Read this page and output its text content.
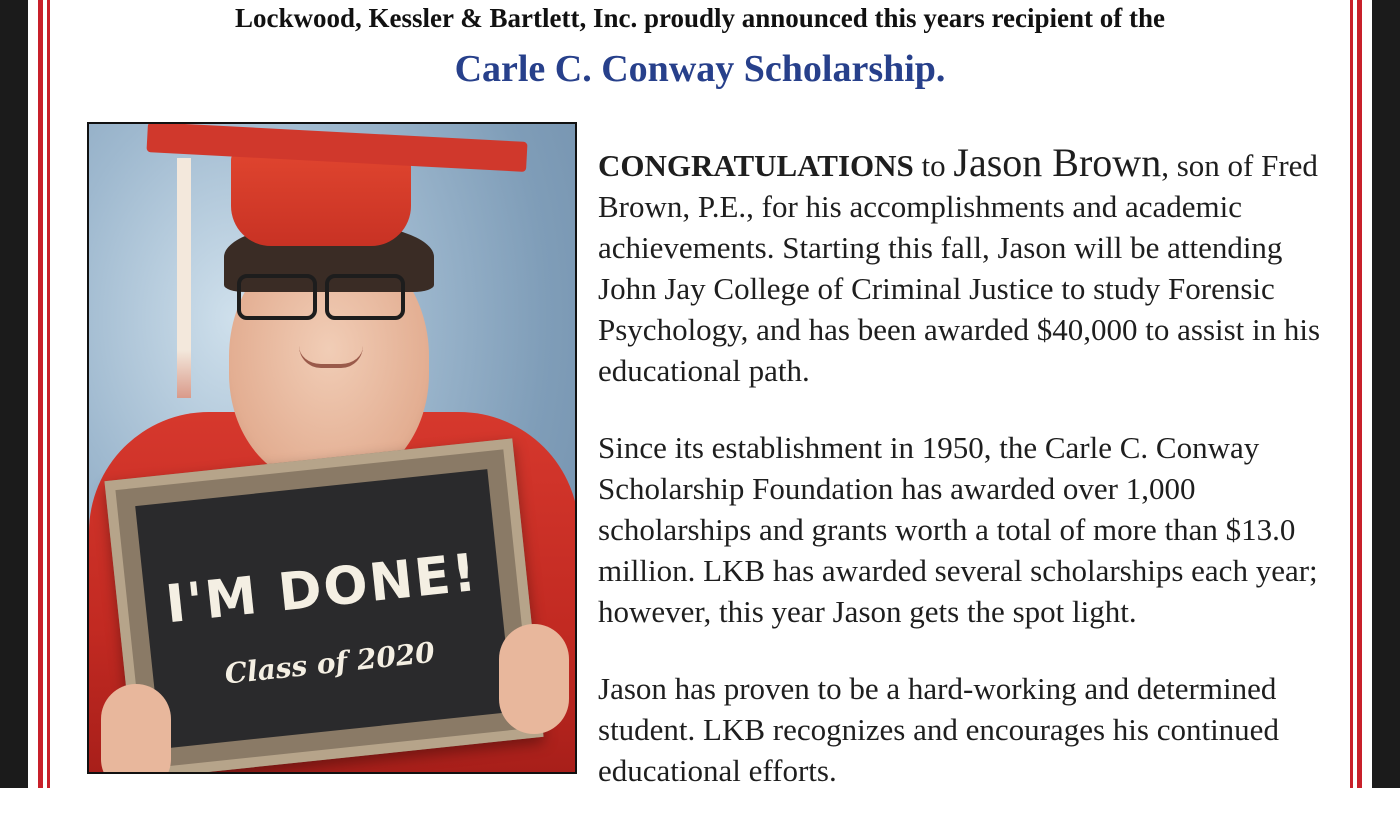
Lockwood, Kessler & Bartlett, Inc. proudly announced this years recipient of the
Carle C. Conway Scholarship.
I'M DONE!
Class of 2020

CONGRATULATIONS to Jason Brown, son of Fred Brown, P.E., for his accomplishments and academic achievements. Starting this fall, Jason will be attending John Jay College of Criminal Justice to study Forensic Psychology, and has been awarded $40,000 to assist in his educational path.

Since its establishment in 1950, the Carle C. Conway Scholarship Foundation has awarded over 1,000 scholarships and grants worth a total of more than $13.0 million. LKB has awarded several scholarships each year; however, this year Jason gets the spot light.

Jason has proven to be a hard-working and determined student. LKB recognizes and encourages his continued educational efforts.
